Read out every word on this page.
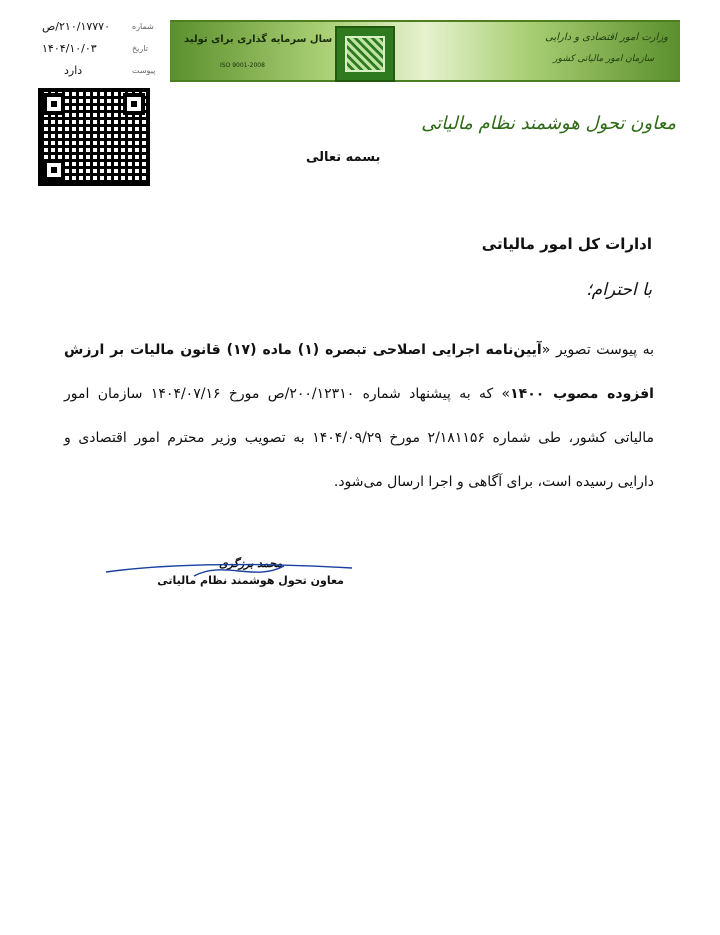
۲۱۰/۱۷۷۷۰/ص
۱۴۰۴/۱۰/۰۳
دارد
شماره
تاریخ
پیوست
وزارت امور اقتصادی و دارایی
سازمان امور مالیاتی کشور
سال سرمایه گذاری برای تولید
ISO 9001-2008
معاون تحول هوشمند نظام مالیاتی
بسمه تعالی
ادارات کل امور مالیاتی
با احترام؛
به پیوست تصویر «آیین‌نامه اجرایی اصلاحی تبصره (۱) ماده (۱۷) قانون مالیات بر ارزش افزوده مصوب ۱۴۰۰» که به پیشنهاد شماره ۲۰۰/۱۲۳۱۰/ص مورخ ۱۴۰۴/۰۷/۱۶ سازمان امور مالیاتی کشور، طی شماره ۲/۱۸۱۱۵۶ مورخ ۱۴۰۴/۰۹/۲۹ به تصویب وزیر محترم امور اقتصادی و دارایی رسیده است، برای آگاهی و اجرا ارسال می‌شود.
محمد برزگری
معاون تحول هوشمند نظام مالیاتی
